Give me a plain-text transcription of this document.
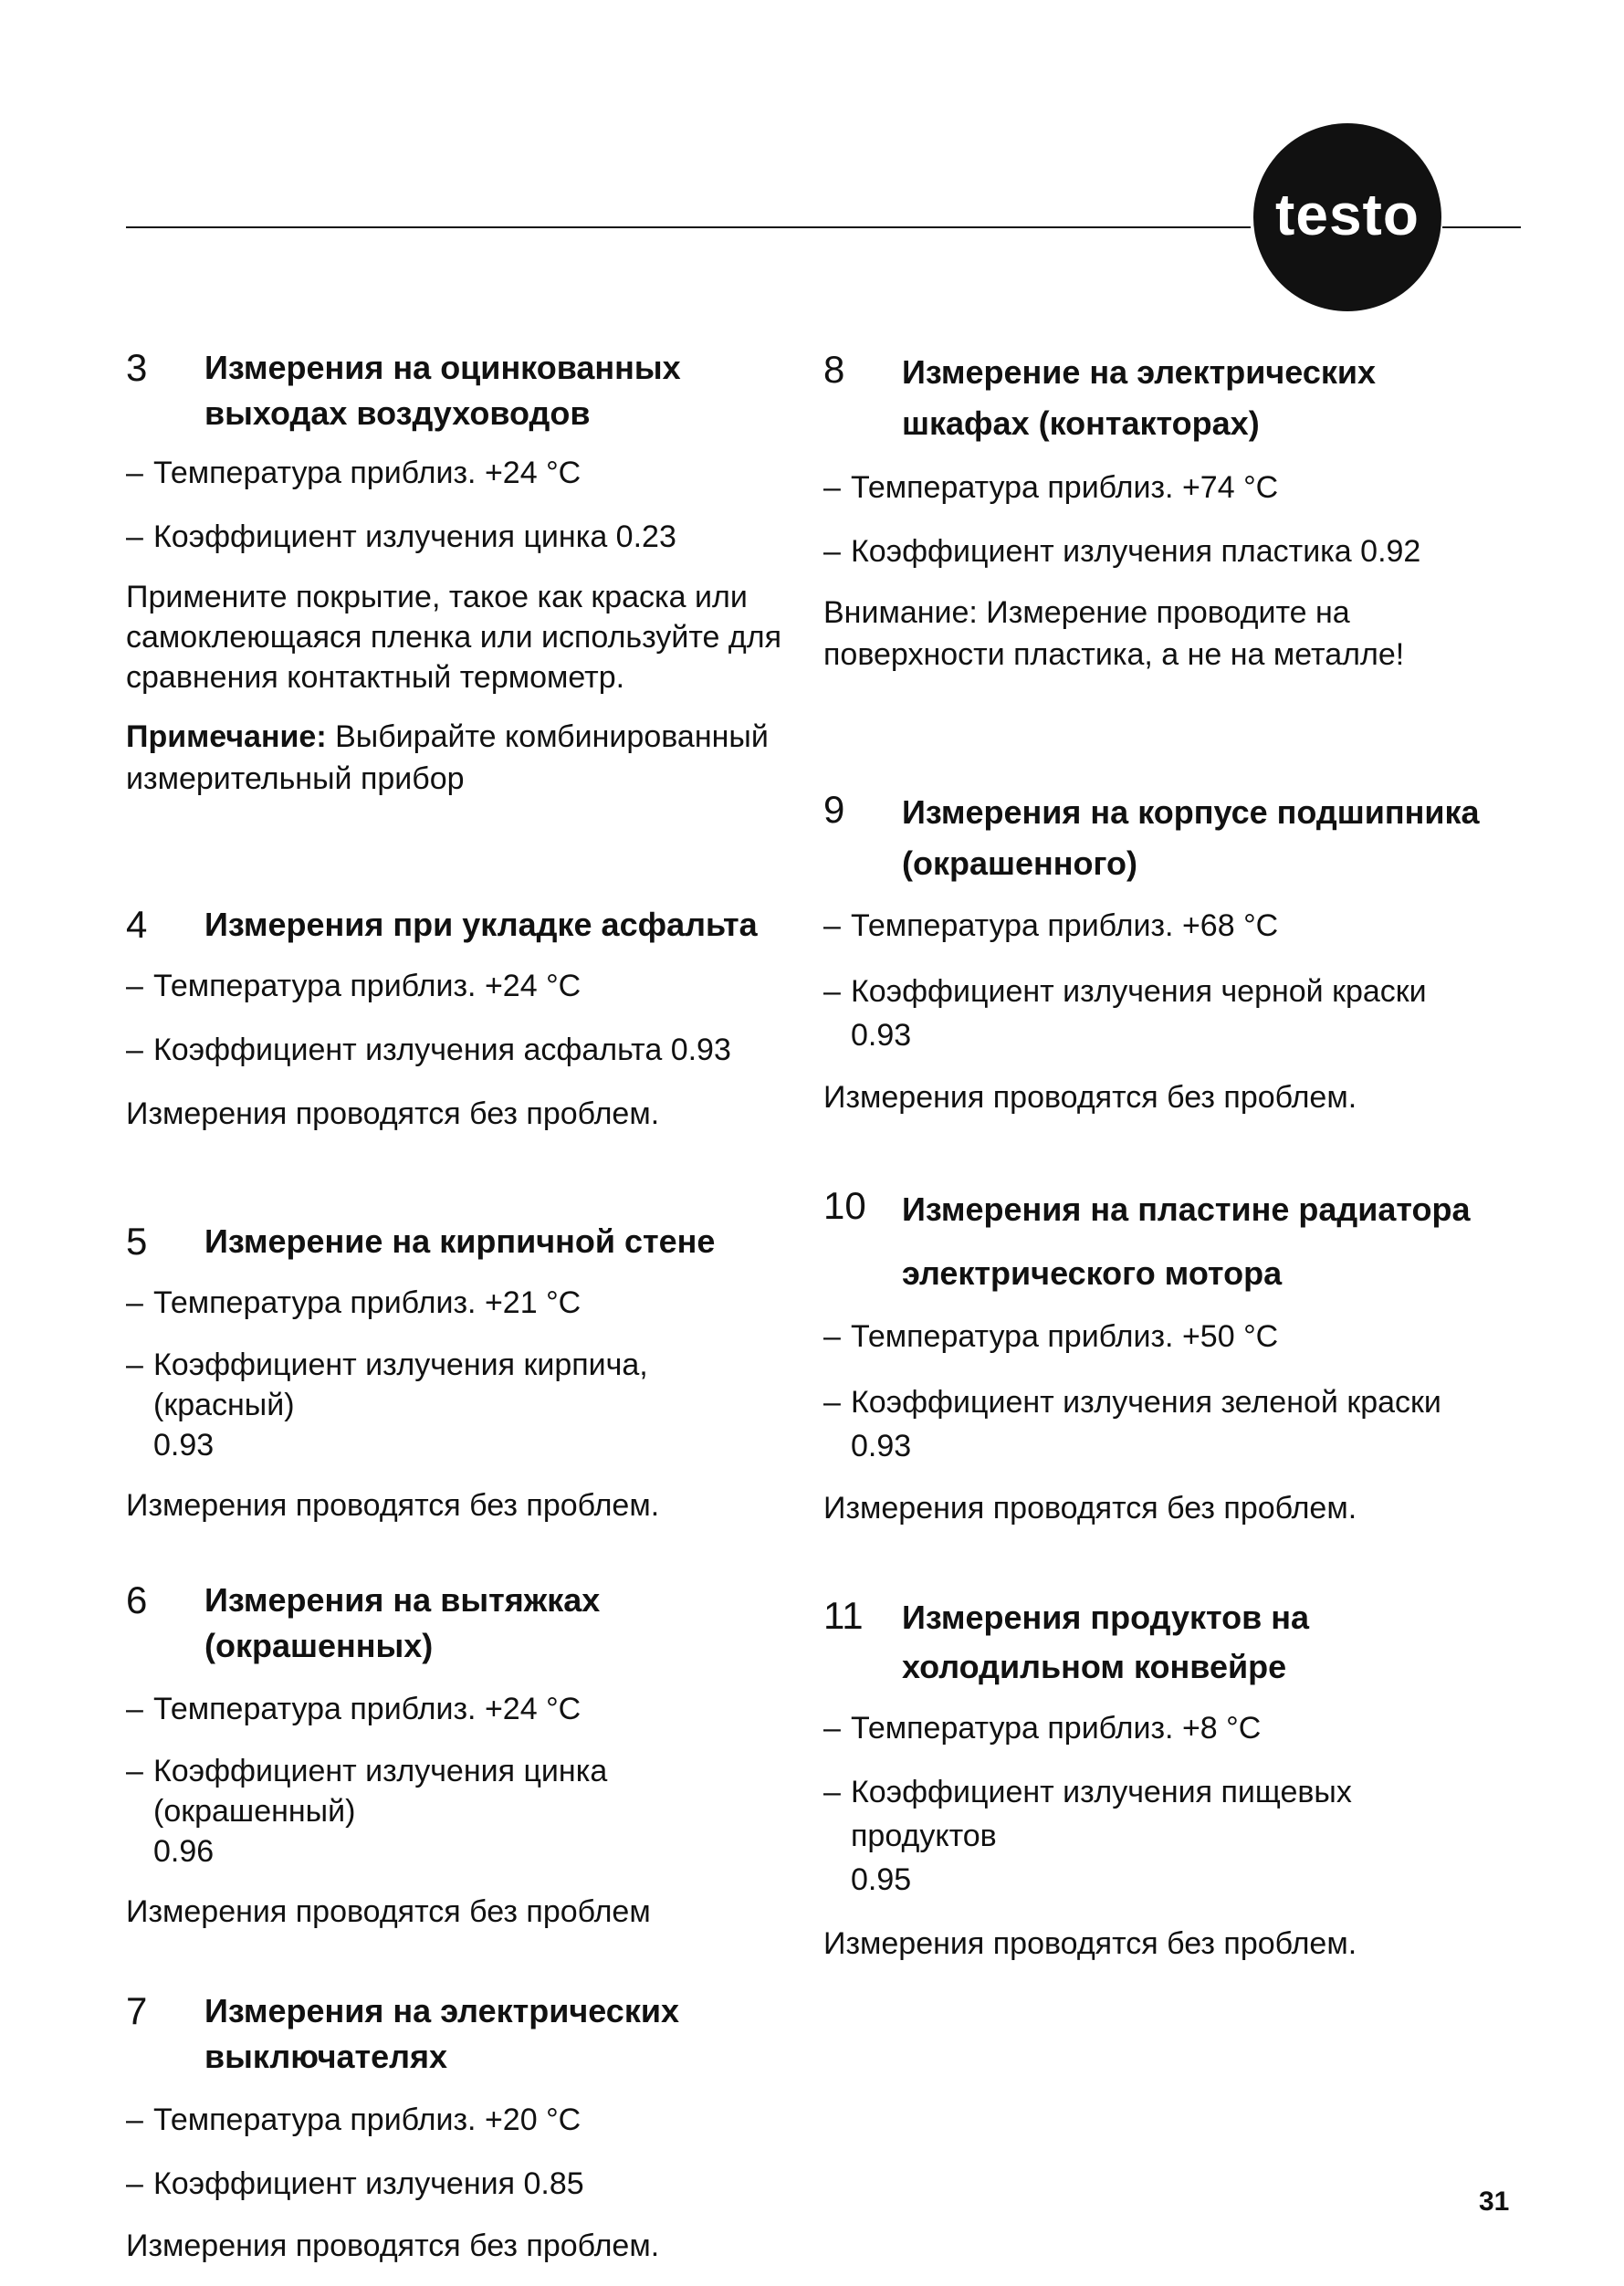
testo
3 Измерения на оцинкованных
выходах воздуховодов
– Температура приблиз. +24 °C
– Коэффициент излучения цинка 0.23
Примените покрытие, такое как краска или
самоклеющаяся пленка или используйте для
сравнения контактный термометр.
Примечание: Выбирайте комбинированный
измерительный прибор
4 Измерения при укладке асфальта
– Температура приблиз. +24 °C
– Коэффициент излучения асфальта 0.93
Измерения проводятся без проблем.
5 Измерение на кирпичной стене
– Температура приблиз. +21 °C
– Коэффициент излучения кирпича, (красный)
0.93
Измерения проводятся без проблем.
6 Измерения на вытяжках
(окрашенных)
– Температура приблиз. +24 °C
– Коэффициент излучения цинка (окрашенный)
0.96
Измерения проводятся без проблем
7 Измерения на электрических
выключателях
– Температура приблиз. +20 °C
– Коэффициент излучения 0.85
Измерения проводятся без проблем.
8 Измерение на электрических
шкафах (контакторах)
– Температура приблиз. +74 °C
– Коэффициент излучения пластика 0.92
Внимание: Измерение проводите на
поверхности пластика, а не на металле!
9 Измерения на корпусе подшипника
(окрашенного)
– Температура приблиз. +68 °C
– Коэффициент излучения черной краски 0.93
Измерения проводятся без проблем.
10 Измерения на пластине радиатора
электрического мотора
– Температура приблиз. +50 °C
– Коэффициент излучения зеленой краски 0.93
Измерения проводятся без проблем.
11 Измерения продуктов на
холодильном конвейре
– Температура приблиз. +8 °C
– Коэффициент излучения пищевых продуктов
0.95
Измерения проводятся без проблем.
31
